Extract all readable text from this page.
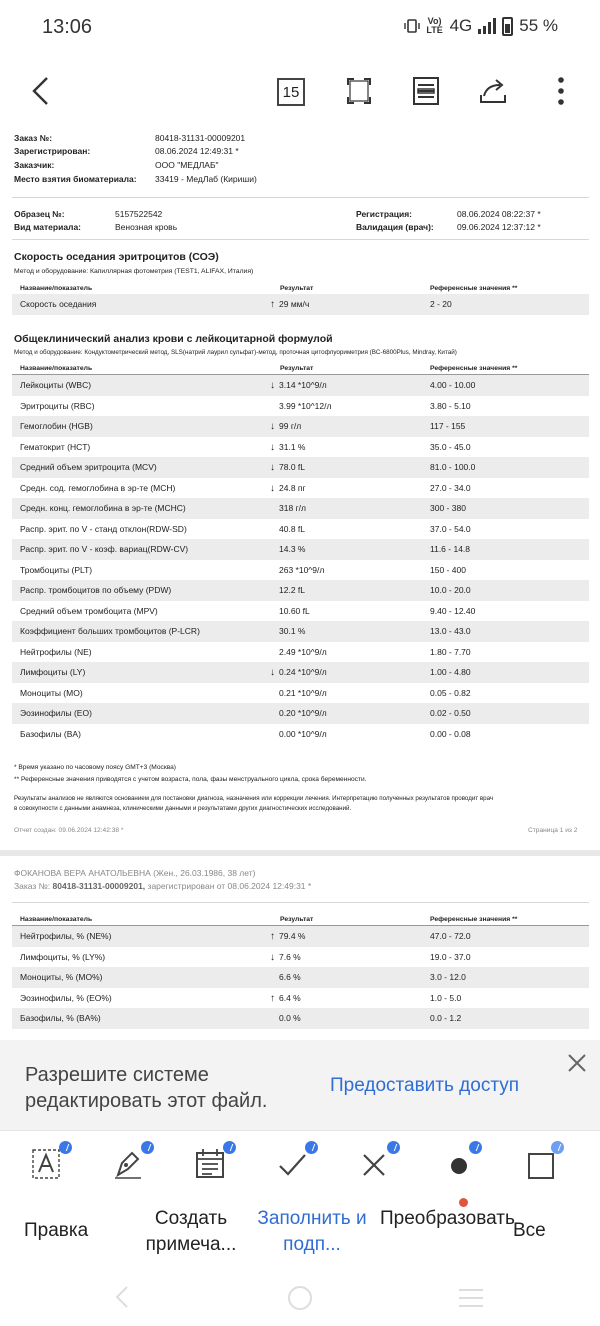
13:06	Vo) LTE 4G	55 %
15
Заказ №:	80418-31131-00009201
Зарегистрирован:	08.06.2024 12:49:31 *
Заказчик:	ООО "МЕДЛАБ"
Место взятия биоматериала: 33419 - МедЛаб (Кириши)
Образец №:	5157522542
Вид материала:	Венозная кровь
Регистрация:	08.06.2024 08:22:37 *
Валидация (врач):	09.06.2024 12:37:12 *
Скорость оседания эритроцитов (СОЭ)
Метод и оборудование: Капиллярная фотометрия (TEST1, ALIFAX, Италия)
Название/показатель	Результат	Референсные значения **
Скорость оседания	↑ 29 мм/ч	2 - 20
Общеклинический анализ крови с лейкоцитарной формулой
Метод и оборудование: Кондуктометрический метод, SLS(натрий лаурил сульфат)-метод, проточная цитофлуориметрия (BC-6800Plus, Mindray, Китай)
Название/показатель	Результат	Референсные значения **
Лейкоциты (WBC)	↓ 3.14 *10^9/л	4.00 - 10.00
Эритроциты (RBC)	3.99 *10^12/л	3.80 - 5.10
Гемоглобин (HGB)	↓ 99 г/л	117 - 155
Гематокрит (HCT)	↓ 31.1 %	35.0 - 45.0
Средний объем эритроцита (MCV)	↓ 78.0 fL	81.0 - 100.0
Средн. сод. гемоглобина в эр-те (MCH)	↓ 24.8 пг	27.0 - 34.0
Средн. конц. гемоглобина в эр-те (MCHC)	318 г/л	300 - 380
Распр. эрит. по V - станд отклон(RDW-SD)	40.8 fL	37.0 - 54.0
Распр. эрит. по V - коэф. вариац(RDW-CV)	14.3 %	11.6 - 14.8
Тромбоциты (PLT)	263 *10^9/л	150 - 400
Распр. тромбоцитов по объему (PDW)	12.2 fL	10.0 - 20.0
Средний объем тромбоцита (MPV)	10.60 fL	9.40 - 12.40
Коэффициент больших тромбоцитов (P-LCR)	30.1 %	13.0 - 43.0
Нейтрофилы (NE)	2.49 *10^9/л	1.80 - 7.70
Лимфоциты (LY)	↓ 0.24 *10^9/л	1.00 - 4.80
Моноциты (MO)	0.21 *10^9/л	0.05 - 0.82
Эозинофилы (EO)	0.20 *10^9/л	0.02 - 0.50
Базофилы (BA)	0.00 *10^9/л	0.00 - 0.08
* Время указано по часовому поясу GMT+3 (Москва)
** Референсные значения приводятся с учетом возраста, пола, фазы менструального цикла, срока беременности.
Результаты анализов не являются основанием для постановки диагноза, назначения или коррекции лечения. Интерпретацию полученных результатов проводит врач
в совокупности с данными анамнеза, клиническими данными и результатами других диагностических исследований.
Отчет создан: 09.06.2024 12:42:38 *	Страница 1 из 2
ФОКАНОВА ВЕРА АНАТОЛЬЕВНА (Жен., 26.03.1986, 38 лет)
Заказ №: 80418-31131-00009201, зарегистрирован от 08.06.2024 12:49:31 *
Название/показатель	Результат	Референсные значения **
Нейтрофилы, % (NE%)	↑ 79.4 %	47.0 - 72.0
Лимфоциты, % (LY%)	↓ 7.6 %	19.0 - 37.0
Моноциты, % (MO%)	6.6 %	3.0 - 12.0
Эозинофилы, % (EO%)	↑ 6.4 %	1.0 - 5.0
Базофилы, % (BA%)	0.0 %	0.0 - 1.2
Разрешите системе редактировать этот файл.
Предоставить доступ
Правка
Создать примеча...
Заполнить и подп...
Преобразовать
Все
